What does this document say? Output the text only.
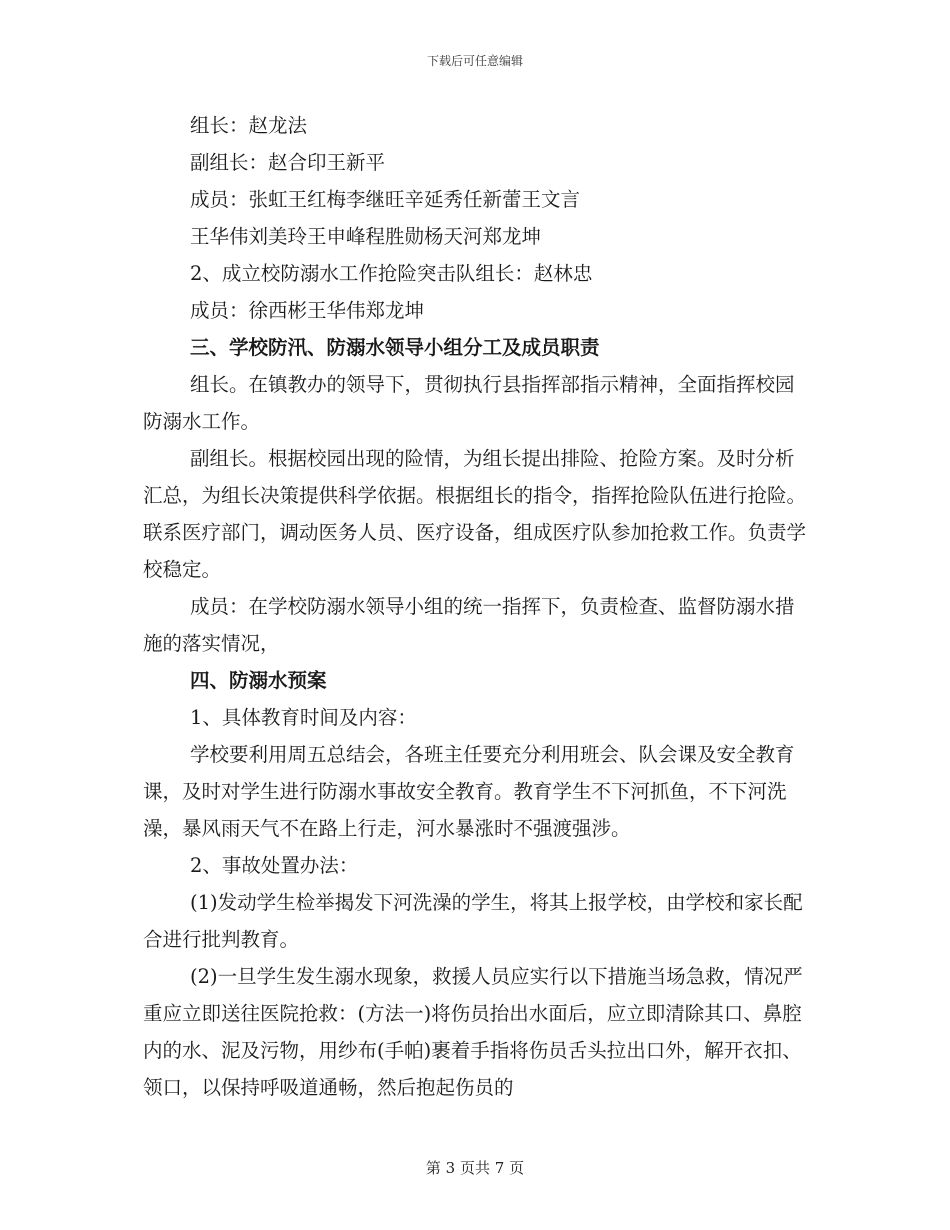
下载后可任意编辑

组长：赵龙法

副组长：赵合印王新平

成员：张虹王红梅李继旺辛延秀任新蕾王文言

王华伟刘美玲王申峰程胜勋杨天河郑龙坤

2、成立校防溺水工作抢险突击队组长：赵林忠

成员：徐西彬王华伟郑龙坤

三、学校防汛、防溺水领导小组分工及成员职责

组长。在镇教办的领导下，贯彻执行县指挥部指示精神，全面指挥校园防溺水工作。

副组长。根据校园出现的险情，为组长提出排险、抢险方案。及时分析汇总，为组长决策提供科学依据。根据组长的指令，指挥抢险队伍进行抢险。联系医疗部门，调动医务人员、医疗设备，组成医疗队参加抢救工作。负责学校稳定。

成员：在学校防溺水领导小组的统一指挥下，负责检查、监督防溺水措施的落实情况，

四、防溺水预案

1、具体教育时间及内容：

学校要利用周五总结会，各班主任要充分利用班会、队会课及安全教育课，及时对学生进行防溺水事故安全教育。教育学生不下河抓鱼，不下河洗澡，暴风雨天气不在路上行走，河水暴涨时不强渡强涉。

2、事故处置办法：

(1)发动学生检举揭发下河洗澡的学生，将其上报学校，由学校和家长配合进行批判教育。

(2)一旦学生发生溺水现象，救援人员应实行以下措施当场急救，情况严重应立即送往医院抢救：(方法一)将伤员抬出水面后，应立即清除其口、鼻腔内的水、泥及污物，用纱布(手帕)裹着手指将伤员舌头拉出口外，解开衣扣、领口，以保持呼吸道通畅，然后抱起伤员的

第 3 页共 7 页
